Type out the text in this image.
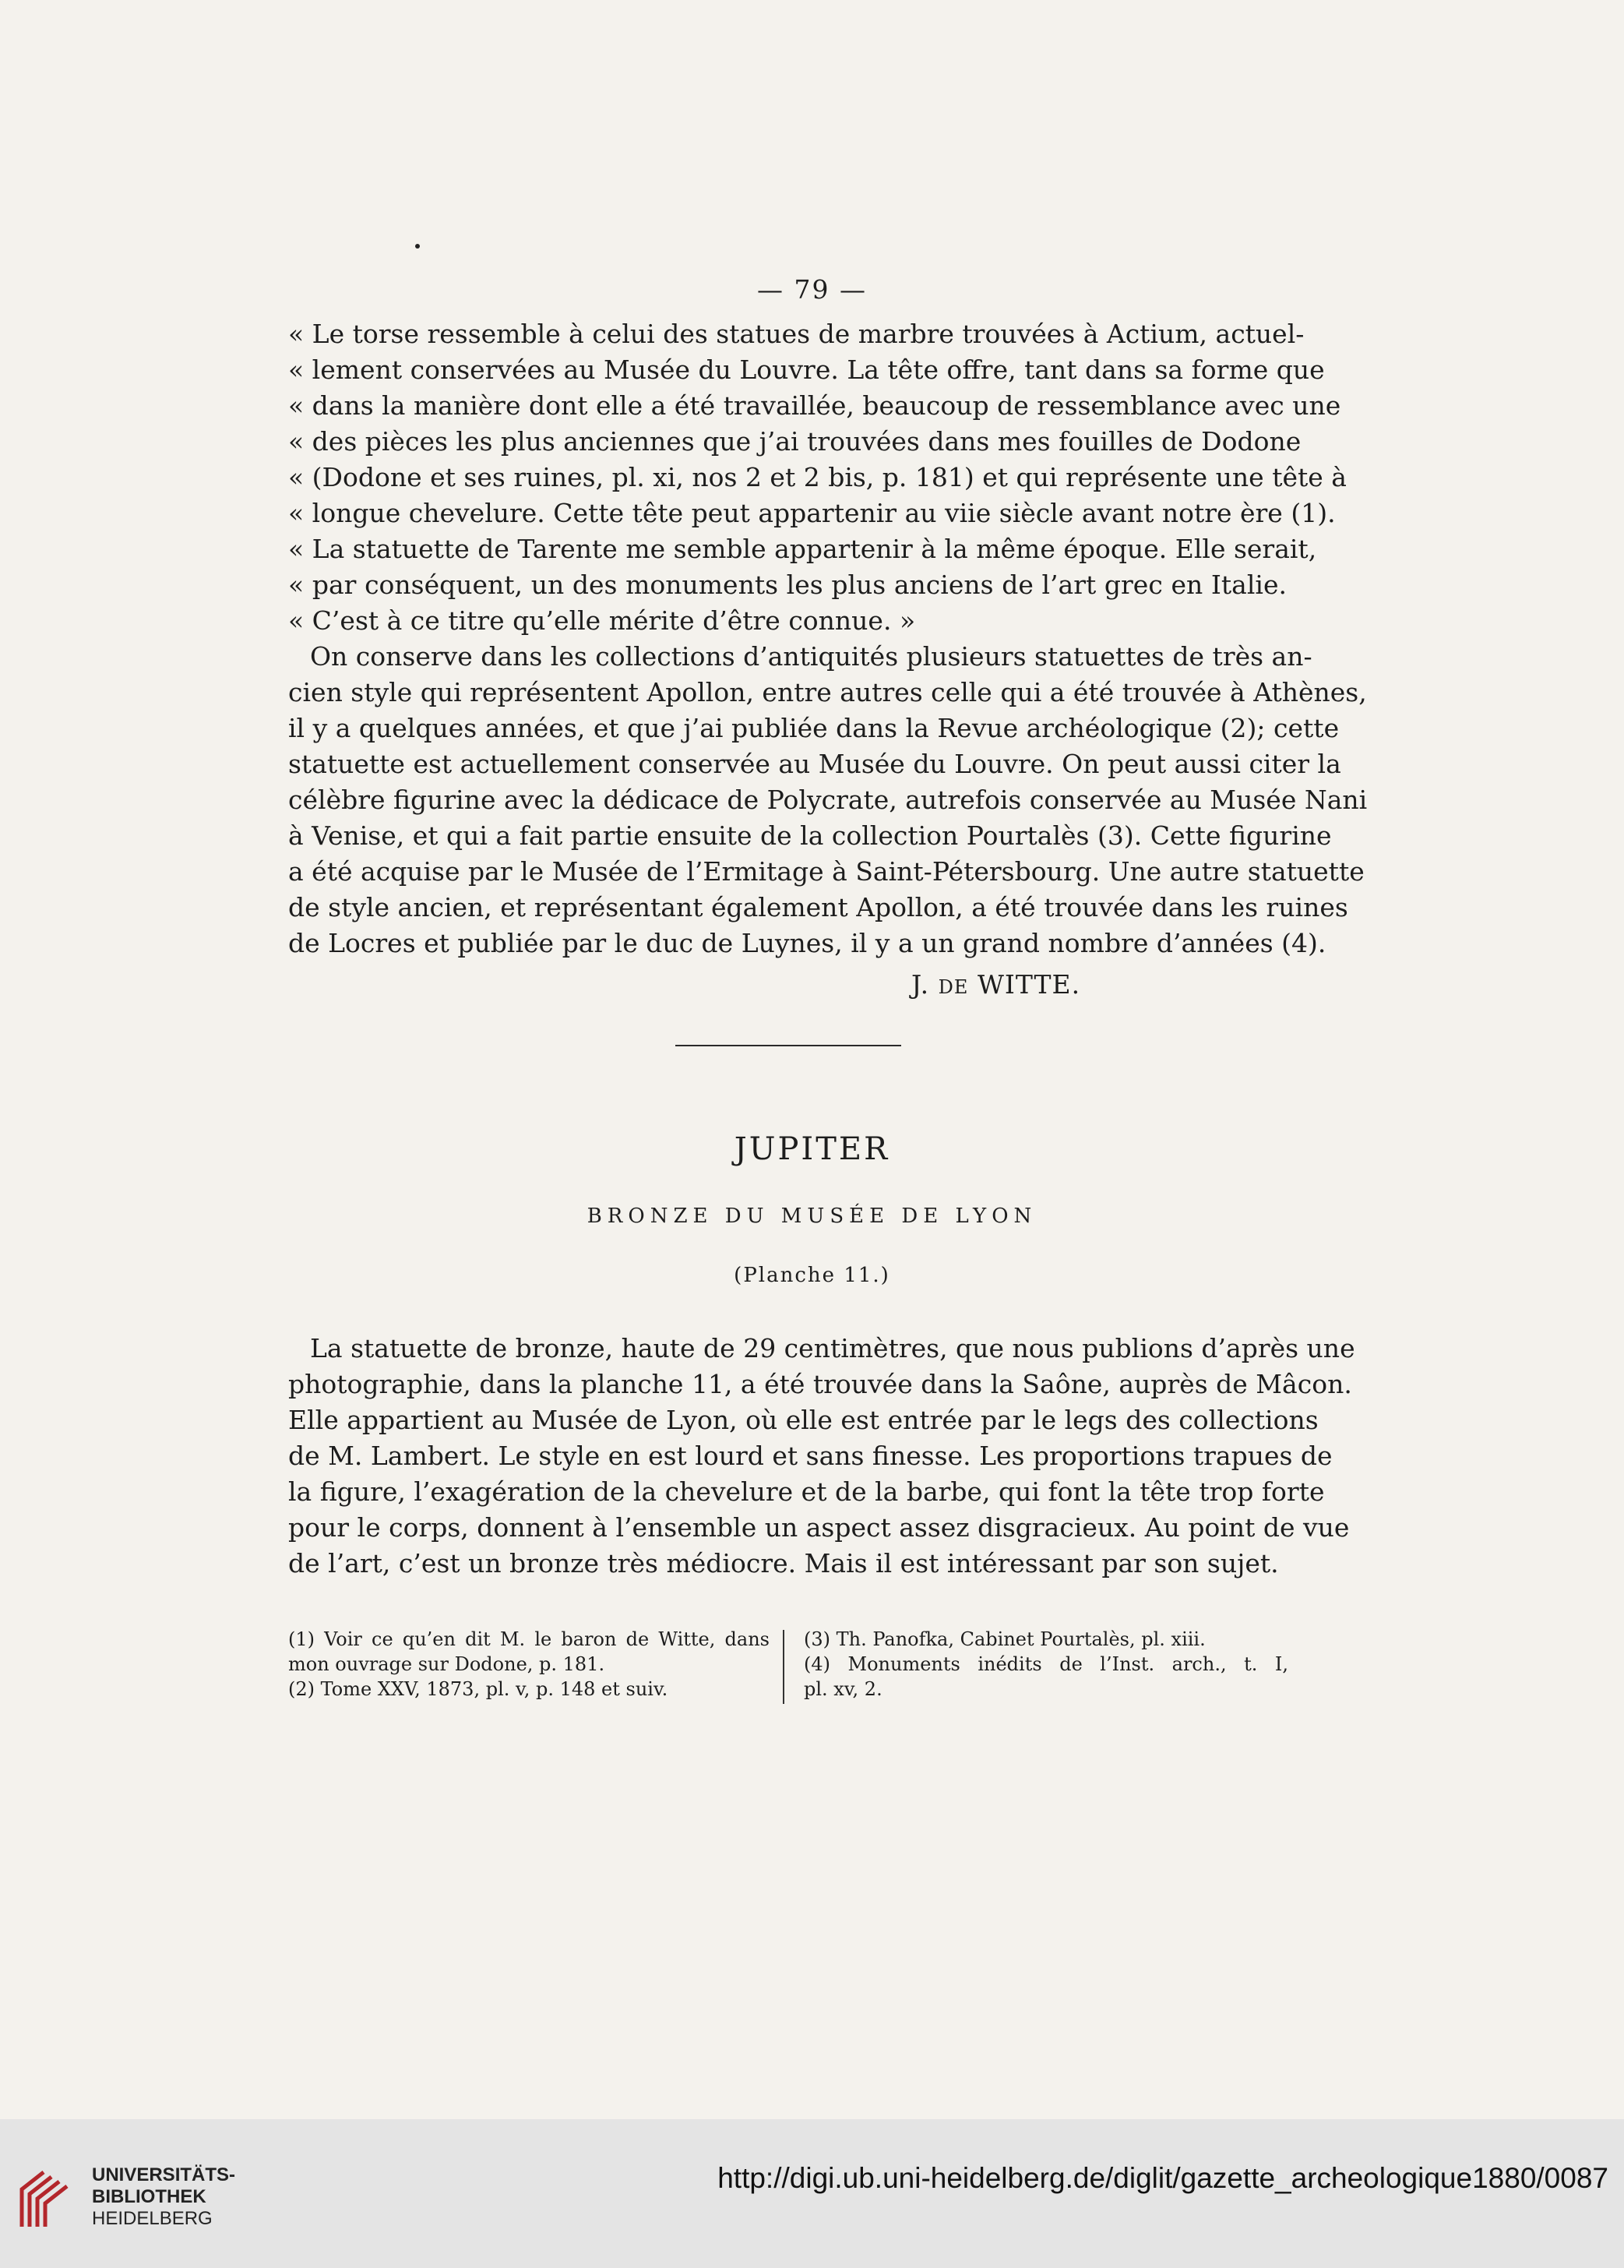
— 79 —
« Le torse ressemble à celui des statues de marbre trouvées à Actium, actuel-
« lement conservées au Musée du Louvre. La tête offre, tant dans sa forme que
« dans la manière dont elle a été travaillée, beaucoup de ressemblance avec une
« des pièces les plus anciennes que j’ai trouvées dans mes fouilles de Dodone
« (Dodone et ses ruines, pl. xi, nos 2 et 2 bis, p. 181) et qui représente une tête à
« longue chevelure. Cette tête peut appartenir au viie siècle avant notre ère (1).
« La statuette de Tarente me semble appartenir à la même époque. Elle serait,
« par conséquent, un des monuments les plus anciens de l’art grec en Italie.
« C’est à ce titre qu’elle mérite d’être connue. »
On conserve dans les collections d’antiquités plusieurs statuettes de très an-
cien style qui représentent Apollon, entre autres celle qui a été trouvée à Athènes,
il y a quelques années, et que j’ai publiée dans la Revue archéologique (2); cette
statuette est actuellement conservée au Musée du Louvre. On peut aussi citer la
célèbre figurine avec la dédicace de Polycrate, autrefois conservée au Musée Nani
à Venise, et qui a fait partie ensuite de la collection Pourtalès (3). Cette figurine
a été acquise par le Musée de l’Ermitage à Saint-Pétersbourg. Une autre statuette
de style ancien, et représentant également Apollon, a été trouvée dans les ruines
de Locres et publiée par le duc de Luynes, il y a un grand nombre d’années (4).
J. DE WITTE.
JUPITER
BRONZE DU MUSÉE DE LYON
(Planche 11.)
La statuette de bronze, haute de 29 centimètres, que nous publions d’après une
photographie, dans la planche 11, a été trouvée dans la Saône, auprès de Mâcon.
Elle appartient au Musée de Lyon, où elle est entrée par le legs des collections
de M. Lambert. Le style en est lourd et sans finesse. Les proportions trapues de
la figure, l’exagération de la chevelure et de la barbe, qui font la tête trop forte
pour le corps, donnent à l’ensemble un aspect assez disgracieux. Au point de vue
de l’art, c’est un bronze très médiocre. Mais il est intéressant par son sujet.
(1) Voir ce qu’en dit M. le baron de Witte, dans
mon ouvrage sur Dodone, p. 181.
(2) Tome XXV, 1873, pl. v, p. 148 et suiv.
(3) Th. Panofka, Cabinet Pourtalès, pl. xiii.
(4) Monuments inédits de l’Inst. arch., t. I,
pl. xv, 2.
UNIVERSITÄTS-
BIBLIOTHEK
HEIDELBERG
http://digi.ub.uni-heidelberg.de/diglit/gazette_archeologique1880/0087
